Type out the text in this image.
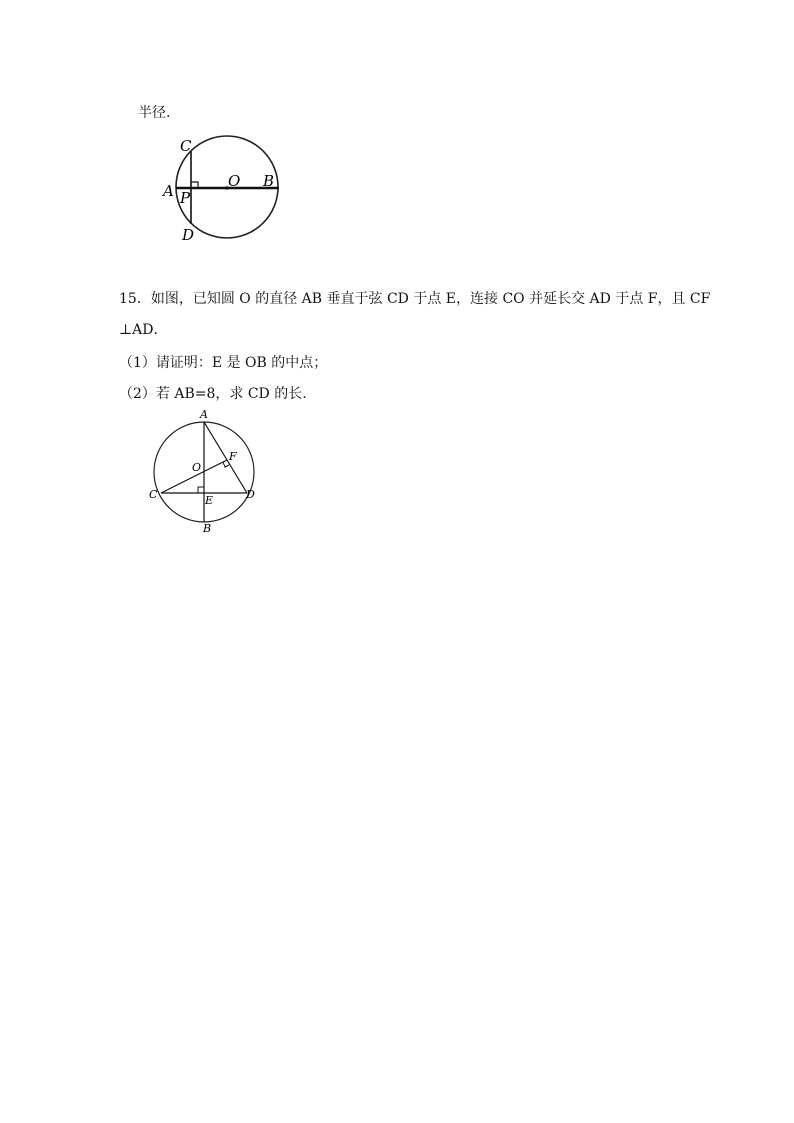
半径.
C
A P
O B
D
15．如图，已知圆 O 的直径 AB 垂直于弦 CD 于点 E，连接 CO 并延长交 AD 于点 F，且 CF
⊥AD．
（1）请证明：E 是 OB 的中点；
（2）若 AB=8，求 CD 的长.
A
O
F
C	E	D
B
